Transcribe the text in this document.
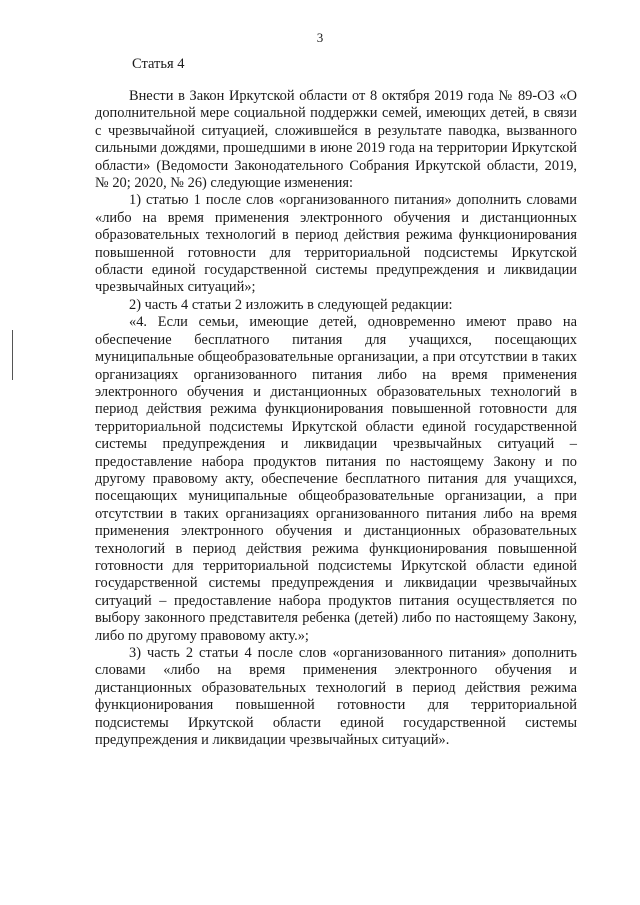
3
Статья 4

Внести в Закон Иркутской области от 8 октября 2019 года № 89-ОЗ «О дополнительной мере социальной поддержки семей, имеющих детей, в связи с чрезвычайной ситуацией, сложившейся в результате паводка, вызванного сильными дождями, прошедшими в июне 2019 года на территории Иркутской области» (Ведомости Законодательного Собрания Иркутской области, 2019, № 20; 2020, № 26) следующие изменения:

1) статью 1 после слов «организованного питания» дополнить словами «либо на время применения электронного обучения и дистанционных образовательных технологий в период действия режима функционирования повышенной готовности для территориальной подсистемы Иркутской области единой государственной системы предупреждения и ликвидации чрезвычайных ситуаций»;

2) часть 4 статьи 2 изложить в следующей редакции:

«4. Если семьи, имеющие детей, одновременно имеют право на обеспечение бесплатного питания для учащихся, посещающих муниципальные общеобразовательные организации, а при отсутствии в таких организациях организованного питания либо на время применения электронного обучения и дистанционных образовательных технологий в период действия режима функционирования повышенной готовности для территориальной подсистемы Иркутской области единой государственной системы предупреждения и ликвидации чрезвычайных ситуаций – предоставление набора продуктов питания по настоящему Закону и по другому правовому акту, обеспечение бесплатного питания для учащихся, посещающих муниципальные общеобразовательные организации, а при отсутствии в таких организациях организованного питания либо на время применения электронного обучения и дистанционных образовательных технологий в период действия режима функционирования повышенной готовности для территориальной подсистемы Иркутской области единой государственной системы предупреждения и ликвидации чрезвычайных ситуаций – предоставление набора продуктов питания осуществляется по выбору законного представителя ребенка (детей) либо по настоящему Закону, либо по другому правовому акту.»;

3) часть 2 статьи 4 после слов «организованного питания» дополнить словами «либо на время применения электронного обучения и дистанционных образовательных технологий в период действия режима функционирования повышенной готовности для территориальной подсистемы Иркутской области единой государственной системы предупреждения и ликвидации чрезвычайных ситуаций».
